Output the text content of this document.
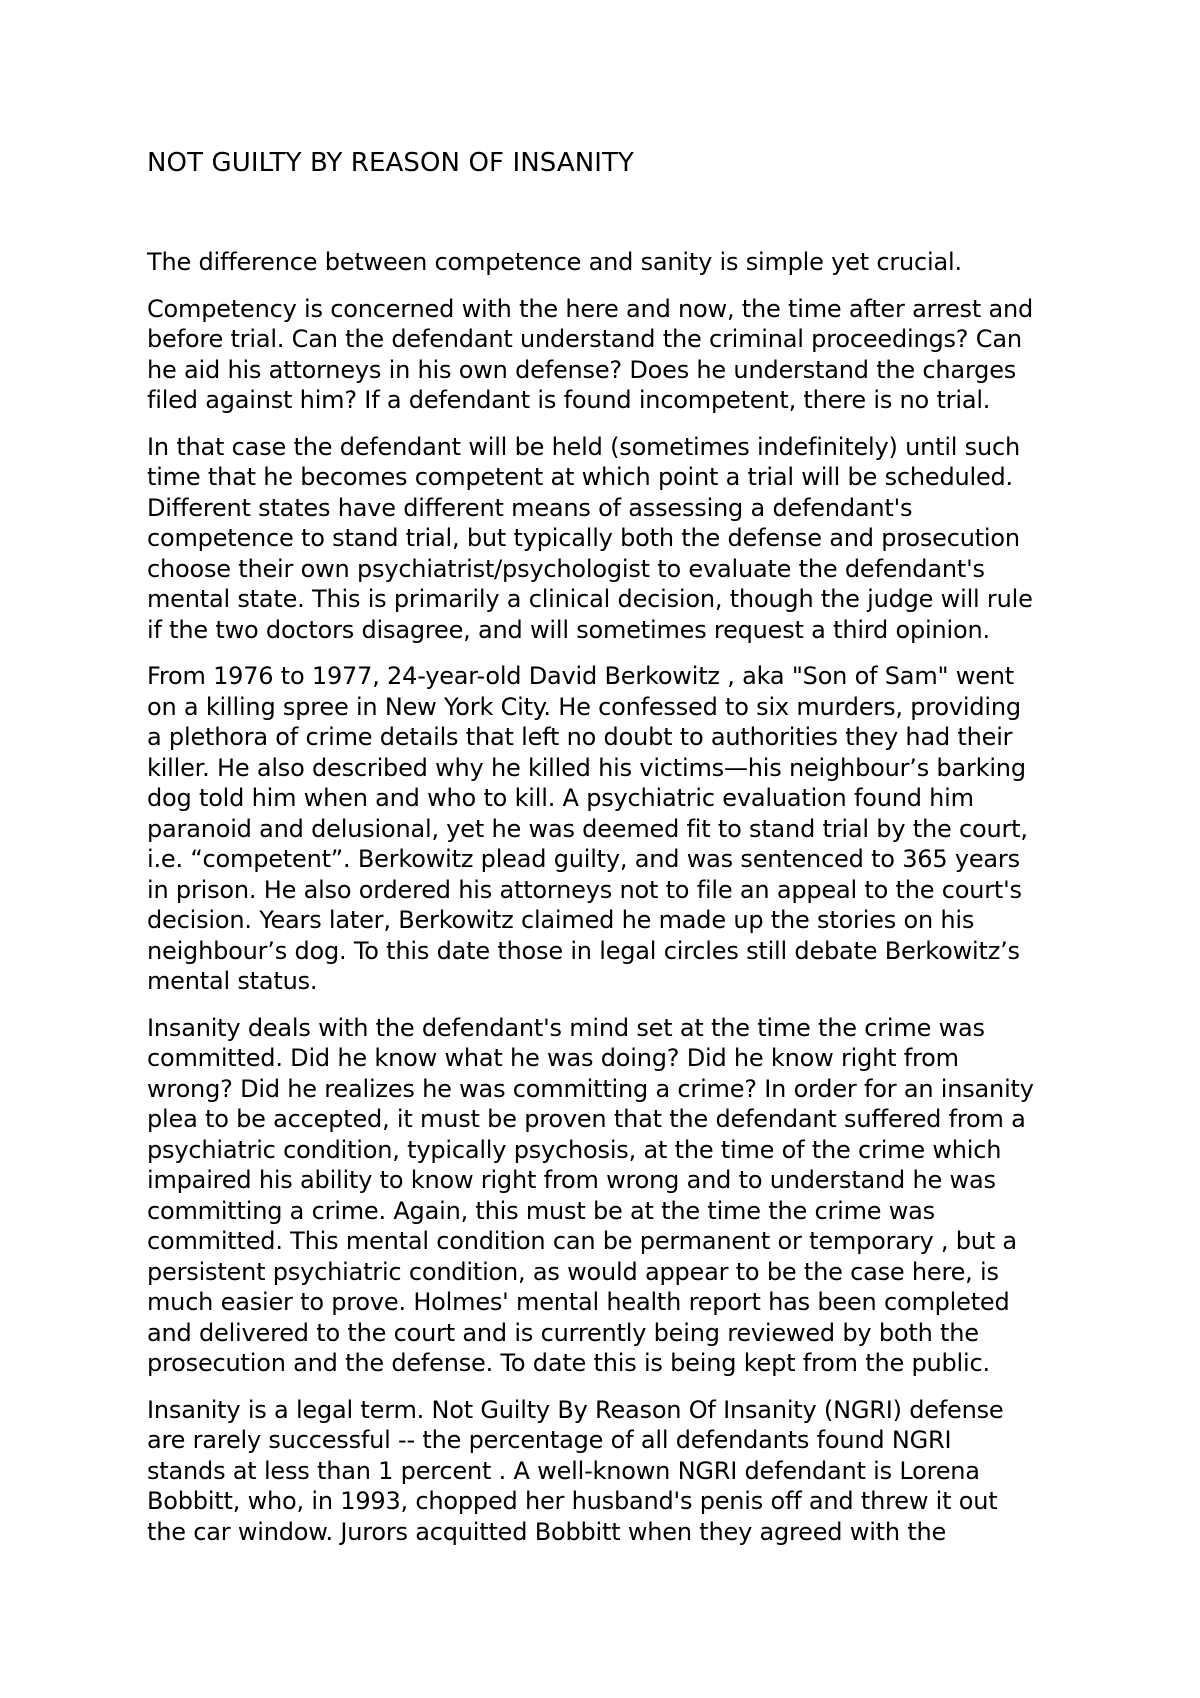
NOT GUILTY BY REASON OF INSANITY

The difference between competence and sanity is simple yet crucial.

Competency is concerned with the here and now, the time after arrest and
before trial. Can the defendant understand the criminal proceedings? Can
he aid his attorneys in his own defense? Does he understand the charges
filed against him? If a defendant is found incompetent, there is no trial.

In that case the defendant will be held (sometimes indefinitely) until such
time that he becomes competent at which point a trial will be scheduled.
Different states have different means of assessing a defendant's
competence to stand trial, but typically both the defense and prosecution
choose their own psychiatrist/psychologist to evaluate the defendant's
mental state. This is primarily a clinical decision, though the judge will rule
if the two doctors disagree, and will sometimes request a third opinion.

From 1976 to 1977, 24-year-old David Berkowitz , aka "Son of Sam" went
on a killing spree in New York City. He confessed to six murders, providing
a plethora of crime details that left no doubt to authorities they had their
killer. He also described why he killed his victims—his neighbour’s barking
dog told him when and who to kill. A psychiatric evaluation found him
paranoid and delusional, yet he was deemed fit to stand trial by the court,
i.e. “competent”. Berkowitz plead guilty, and was sentenced to 365 years
in prison. He also ordered his attorneys not to file an appeal to the court's
decision. Years later, Berkowitz claimed he made up the stories on his
neighbour’s dog. To this date those in legal circles still debate Berkowitz’s
mental status.

Insanity deals with the defendant's mind set at the time the crime was
committed. Did he know what he was doing? Did he know right from
wrong? Did he realizes he was committing a crime? In order for an insanity
plea to be accepted, it must be proven that the defendant suffered from a
psychiatric condition, typically psychosis, at the time of the crime which
impaired his ability to know right from wrong and to understand he was
committing a crime. Again, this must be at the time the crime was
committed. This mental condition can be permanent or temporary , but a
persistent psychiatric condition, as would appear to be the case here, is
much easier to prove. Holmes' mental health report has been completed
and delivered to the court and is currently being reviewed by both the
prosecution and the defense. To date this is being kept from the public.

Insanity is a legal term. Not Guilty By Reason Of Insanity (NGRI) defense
are rarely successful -- the percentage of all defendants found NGRI
stands at less than 1 percent . A well-known NGRI defendant is Lorena
Bobbitt, who, in 1993, chopped her husband's penis off and threw it out
the car window. Jurors acquitted Bobbitt when they agreed with the
